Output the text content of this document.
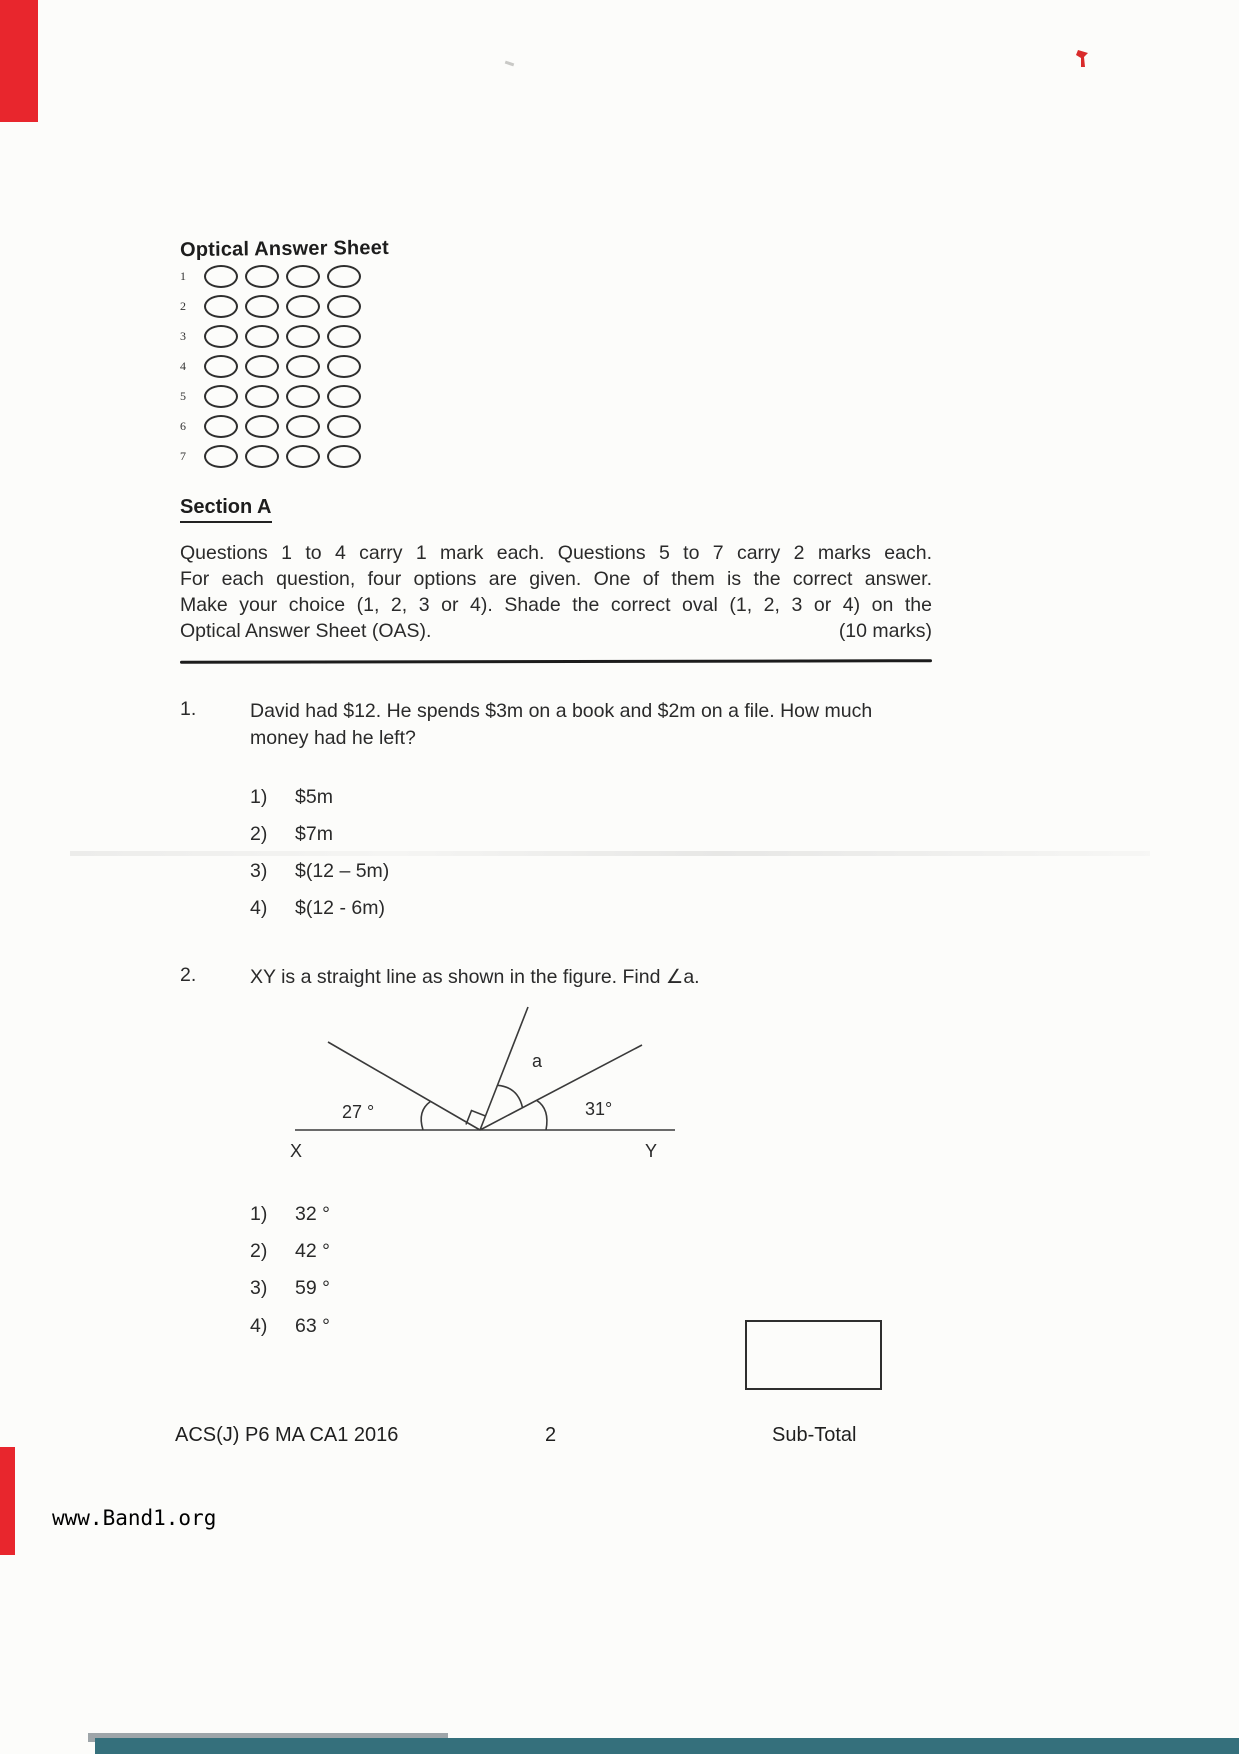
Optical Answer Sheet
1
2
3
4
5
6
7
Section A
Questions 1 to 4 carry 1 mark each. Questions 5 to 7 carry 2 marks each.
For each question, four options are given. One of them is the correct answer.
Make your choice (1, 2, 3 or 4). Shade the correct oval (1, 2, 3 or 4) on the
Optical Answer Sheet (OAS).	(10 marks)
1.	David had $12. He spends $3m on a book and $2m on a file. How much money had he left?
1) $5m
2) $7m
3) $(12 – 5m)
4) $(12 - 6m)
2.	XY is a straight line as shown in the figure. Find ∠a.
X	Y
27 °	31°
a
1) 32 °
2) 42 °
3) 59 °
4) 63 °
ACS(J) P6 MA CA1 2016	2	Sub-Total
www.Band1.org
